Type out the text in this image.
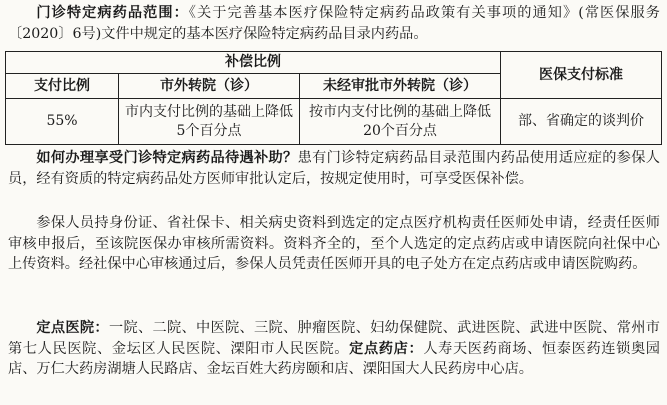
门诊特定病药品范围：《关于完善基本医疗保险特定病药品政策有关事项的通知》(常医保服务〔2020〕6号)文件中规定的基本医疗保险特定病药品目录内药品。

补偿比例			医保支付标准
支付比例	市外转院（诊）	未经审批市外转院（诊）	
55%	市内支付比例的基础上降低5个百分点	按市内支付比例的基础上降低20个百分点	部、省确定的谈判价

如何办理享受门诊特定病药品待遇补助？患有门诊特定病药品目录范围内药品使用适应症的参保人员，经有资质的特定病药品处方医师审批认定后，按规定使用时，可享受医保补偿。

参保人员持身份证、省社保卡、相关病史资料到选定的定点医疗机构责任医师处申请，经责任医师审核申报后，至该院医保办审核所需资料。资料齐全的，至个人选定的定点药店或申请医院向社保中心上传资料。经社保中心审核通过后，参保人员凭责任医师开具的电子处方在定点药店或申请医院购药。

定点医院：一院、二院、中医院、三院、肿瘤医院、妇幼保健院、武进医院、武进中医院、常州市第七人民医院、金坛区人民医院、溧阳市人民医院。定点药店：人寿天医药商场、恒泰医药连锁奥园店、万仁大药房湖塘人民路店、金坛百姓大药房颐和店、溧阳国大人民药房中心店。
